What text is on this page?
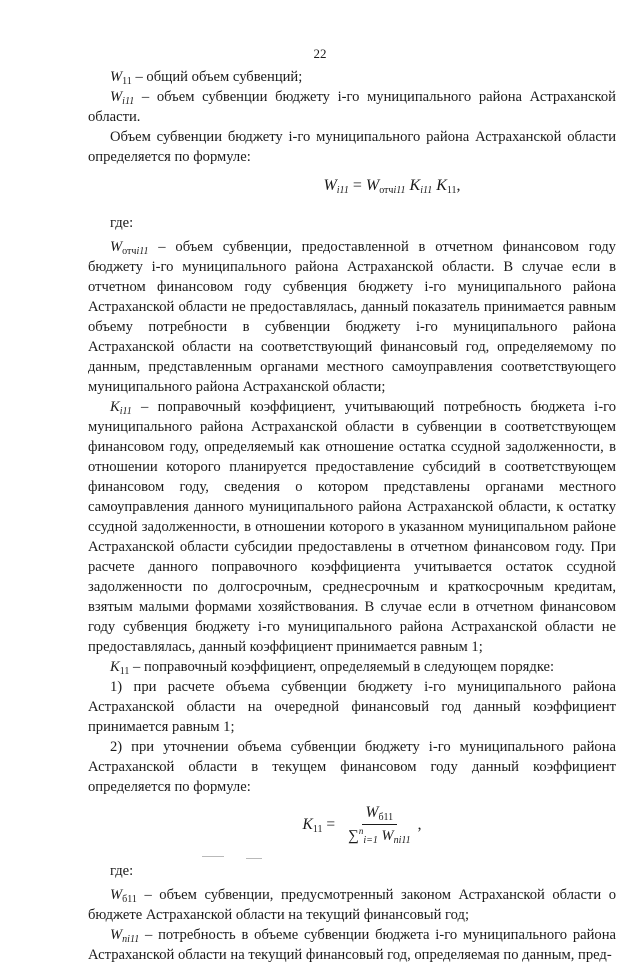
22

$W_{11}$ – общий объем субвенций;

$W_{i11}$ – объем субвенции бюджету i-го муниципального района Астраханской области.

Объем субвенции бюджету i-го муниципального района Астраханской области определяется по формуле:

$W_{i11} = W_{отчi11}$ $K_{i11}$ $K_{11}$,

где:

$W_{отчi11}$ – объем субвенции, предоставленной в отчетном финансовом году бюджету i-го муниципального района Астраханской области. В случае если в отчетном финансовом году субвенция бюджету i-го муниципального района Астраханской области не предоставлялась, данный показатель принимается равным объему потребности в субвенции бюджету i-го муниципального района Астраханской области на соответствующий финансовый год, определяемому по данным, представленным органами местного самоуправления соответствующего муниципального района Астраханской области;

$K_{i11}$ – поправочный коэффициент, учитывающий потребность бюджета i-го муниципального района Астраханской области в субвенции в соответствующем финансовом году, определяемый как отношение остатка ссудной задолженности, в отношении которого планируется предоставление субсидий в соответствующем финансовом году, сведения о котором представлены органами местного самоуправления данного муниципального района Астраханской области, к остатку ссудной задолженности, в отношении которого в указанном муниципальном районе Астраханской области субсидии предоставлены в отчетном финансовом году. При расчете данного поправочного коэффициента учитывается остаток ссудной задолженности по долгосрочным, среднесрочным и краткосрочным кредитам, взятым малыми формами хозяйствования. В случае если в отчетном финансовом году субвенция бюджету i-го муниципального района Астраханской области не предоставлялась, данный коэффициент принимается равным 1;

$K_{11}$ – поправочный коэффициент, определяемый в следующем порядке:

1) при расчете объема субвенции бюджету i-го муниципального района Астраханской области на очередной финансовый год данный коэффициент принимается равным 1;

2) при уточнении объема субвенции бюджету i-го муниципального района Астраханской области в текущем финансовом году данный коэффициент определяется по формуле:

$K_{11} = \frac{W_{б11}}{\sum^n_{i=1} W_{пi11}}$ ,

где:

$W_{б11}$ – объем субвенции, предусмотренный законом Астраханской области о бюджете Астраханской области на текущий финансовый год;

$W_{пi11}$ – потребность в объеме субвенции бюджета i-го муниципального района Астраханской области на текущий финансовый год, определяемая по данным, пред-
